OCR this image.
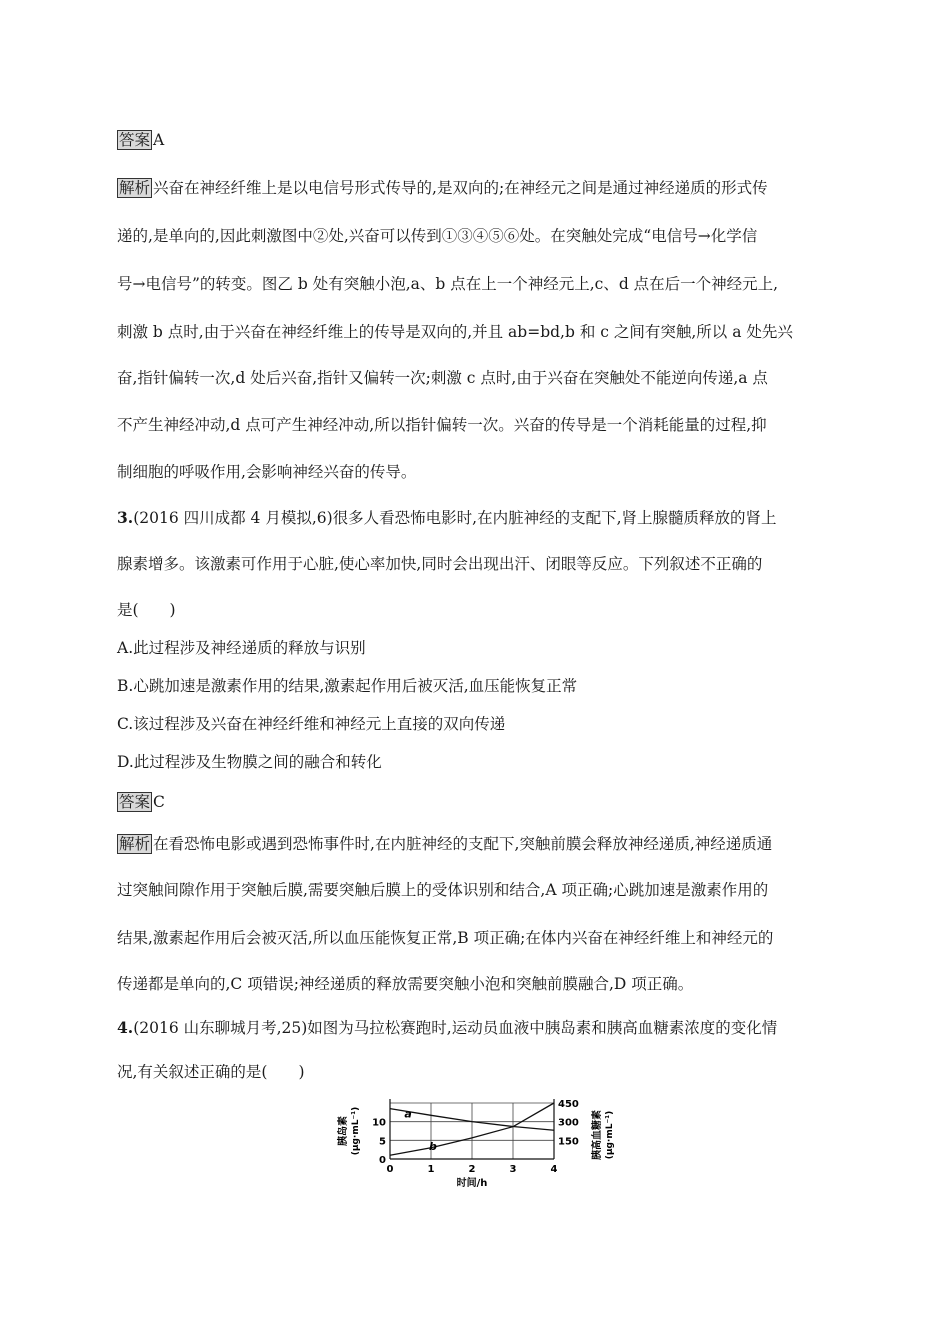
答案 A
解析 兴奋在神经纤维上是以电信号形式传导的,是双向的;在神经元之间是通过神经递质的形式传
递的,是单向的,因此刺激图中②处,兴奋可以传到①③④⑤⑥处。在突触处完成“电信号→化学信
号→电信号”的转变。图乙 b 处有突触小泡,a、b 点在上一个神经元上,c、d 点在后一个神经元上,
刺激 b 点时,由于兴奋在神经纤维上的传导是双向的,并且 ab=bd,b 和 c 之间有突触,所以 a 处先兴
奋,指针偏转一次,d 处后兴奋,指针又偏转一次;刺激 c 点时,由于兴奋在突触处不能逆向传递,a 点
不产生神经冲动,d 点可产生神经冲动,所以指针偏转一次。兴奋的传导是一个消耗能量的过程,抑
制细胞的呼吸作用,会影响神经兴奋的传导。
3.(2016 四川成都 4 月模拟,6)很多人看恐怖电影时,在内脏神经的支配下,肾上腺髓质释放的肾上
腺素增多。该激素可作用于心脏,使心率加快,同时会出现出汗、闭眼等反应。下列叙述不正确的
是(　　)
A.此过程涉及神经递质的释放与识别
B.心跳加速是激素作用的结果,激素起作用后被灭活,血压能恢复正常
C.该过程涉及兴奋在神经纤维和神经元上直接的双向传递
D.此过程涉及生物膜之间的融合和转化
答案 C
解析 在看恐怖电影或遇到恐怖事件时,在内脏神经的支配下,突触前膜会释放神经递质,神经递质通
过突触间隙作用于突触后膜,需要突触后膜上的受体识别和结合,A 项正确;心跳加速是激素作用的
结果,激素起作用后会被灭活,所以血压能恢复正常,B 项正确;在体内兴奋在神经纤维上和神经元的
传递都是单向的,C 项错误;神经递质的释放需要突触小泡和突触前膜融合,D 项正确。
4.(2016 山东聊城月考,25)如图为马拉松赛跑时,运动员血液中胰岛素和胰高血糖素浓度的变化情
况,有关叙述正确的是(　　)
0	1	2	3	4
0
5
10
150
300
450
a
b
时间/h
胰岛素 (μg·mL⁻¹)	胰高血糖素 (μg·mL⁻¹)
